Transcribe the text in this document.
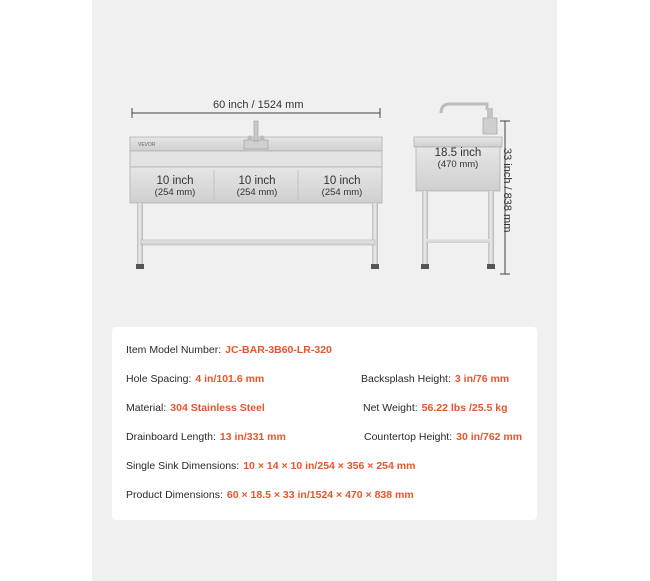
VEVOR
60 inch / 1524 mm
10 inch
(254 mm)
10 inch
(254 mm)
10 inch
(254 mm)
18.5 inch
(470 mm)	33 inch / 838 mm
Item Model Number: JC-BAR-3B60-LR-320
Hole Spacing: 4 in/101.6 mm	Backsplash Height: 3 in/76 mm
Material: 304 Stainless Steel	Net Weight: 56.22 lbs /25.5 kg
Drainboard Length: 13 in/331 mm	Countertop Height: 30 in/762 mm
Single Sink Dimensions: 10 × 14 × 10 in/254 × 356 × 254 mm
Product Dimensions: 60 × 18.5 × 33 in/1524 × 470 × 838 mm
